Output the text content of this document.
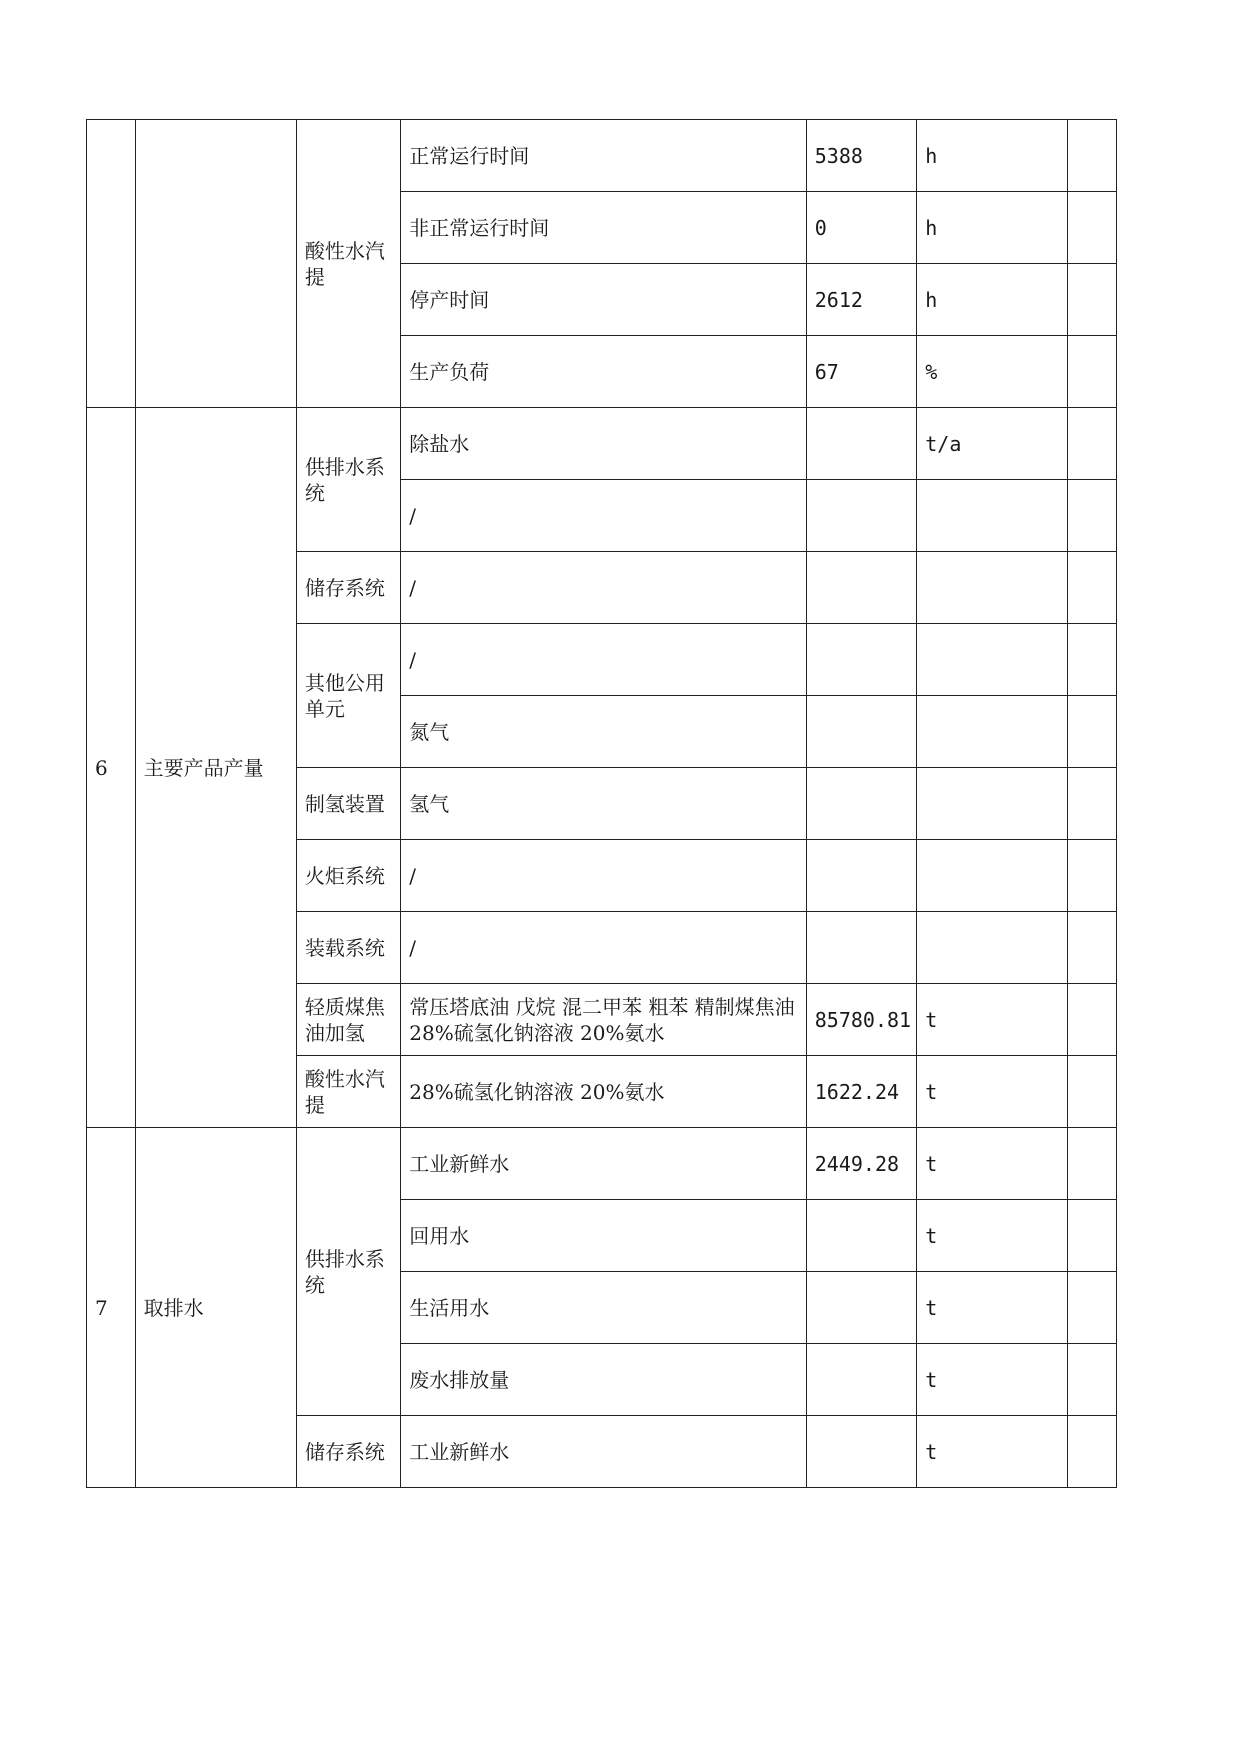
		酸性水汽提	正常运行时间	5388	h	
			非正常运行时间	0	h	
			停产时间	2612	h	
			生产负荷	67	%	
6	主要产品产量	供排水系统	除盐水		t/a	
			/			
		储存系统	/			
		其他公用单元	/			
			氮气			
		制氢装置	氢气			
		火炬系统	/			
		装载系统	/			
		轻质煤焦油加氢	常压塔底油 戊烷 混二甲苯 粗苯 精制煤焦油 28%硫氢化钠溶液 20%氨水	85780.81	t	
		酸性水汽提	28%硫氢化钠溶液 20%氨水	1622.24	t	
7	取排水	供排水系统	工业新鲜水	2449.28	t	
			回用水		t	
			生活用水		t	
			废水排放量		t	
		储存系统	工业新鲜水		t	
